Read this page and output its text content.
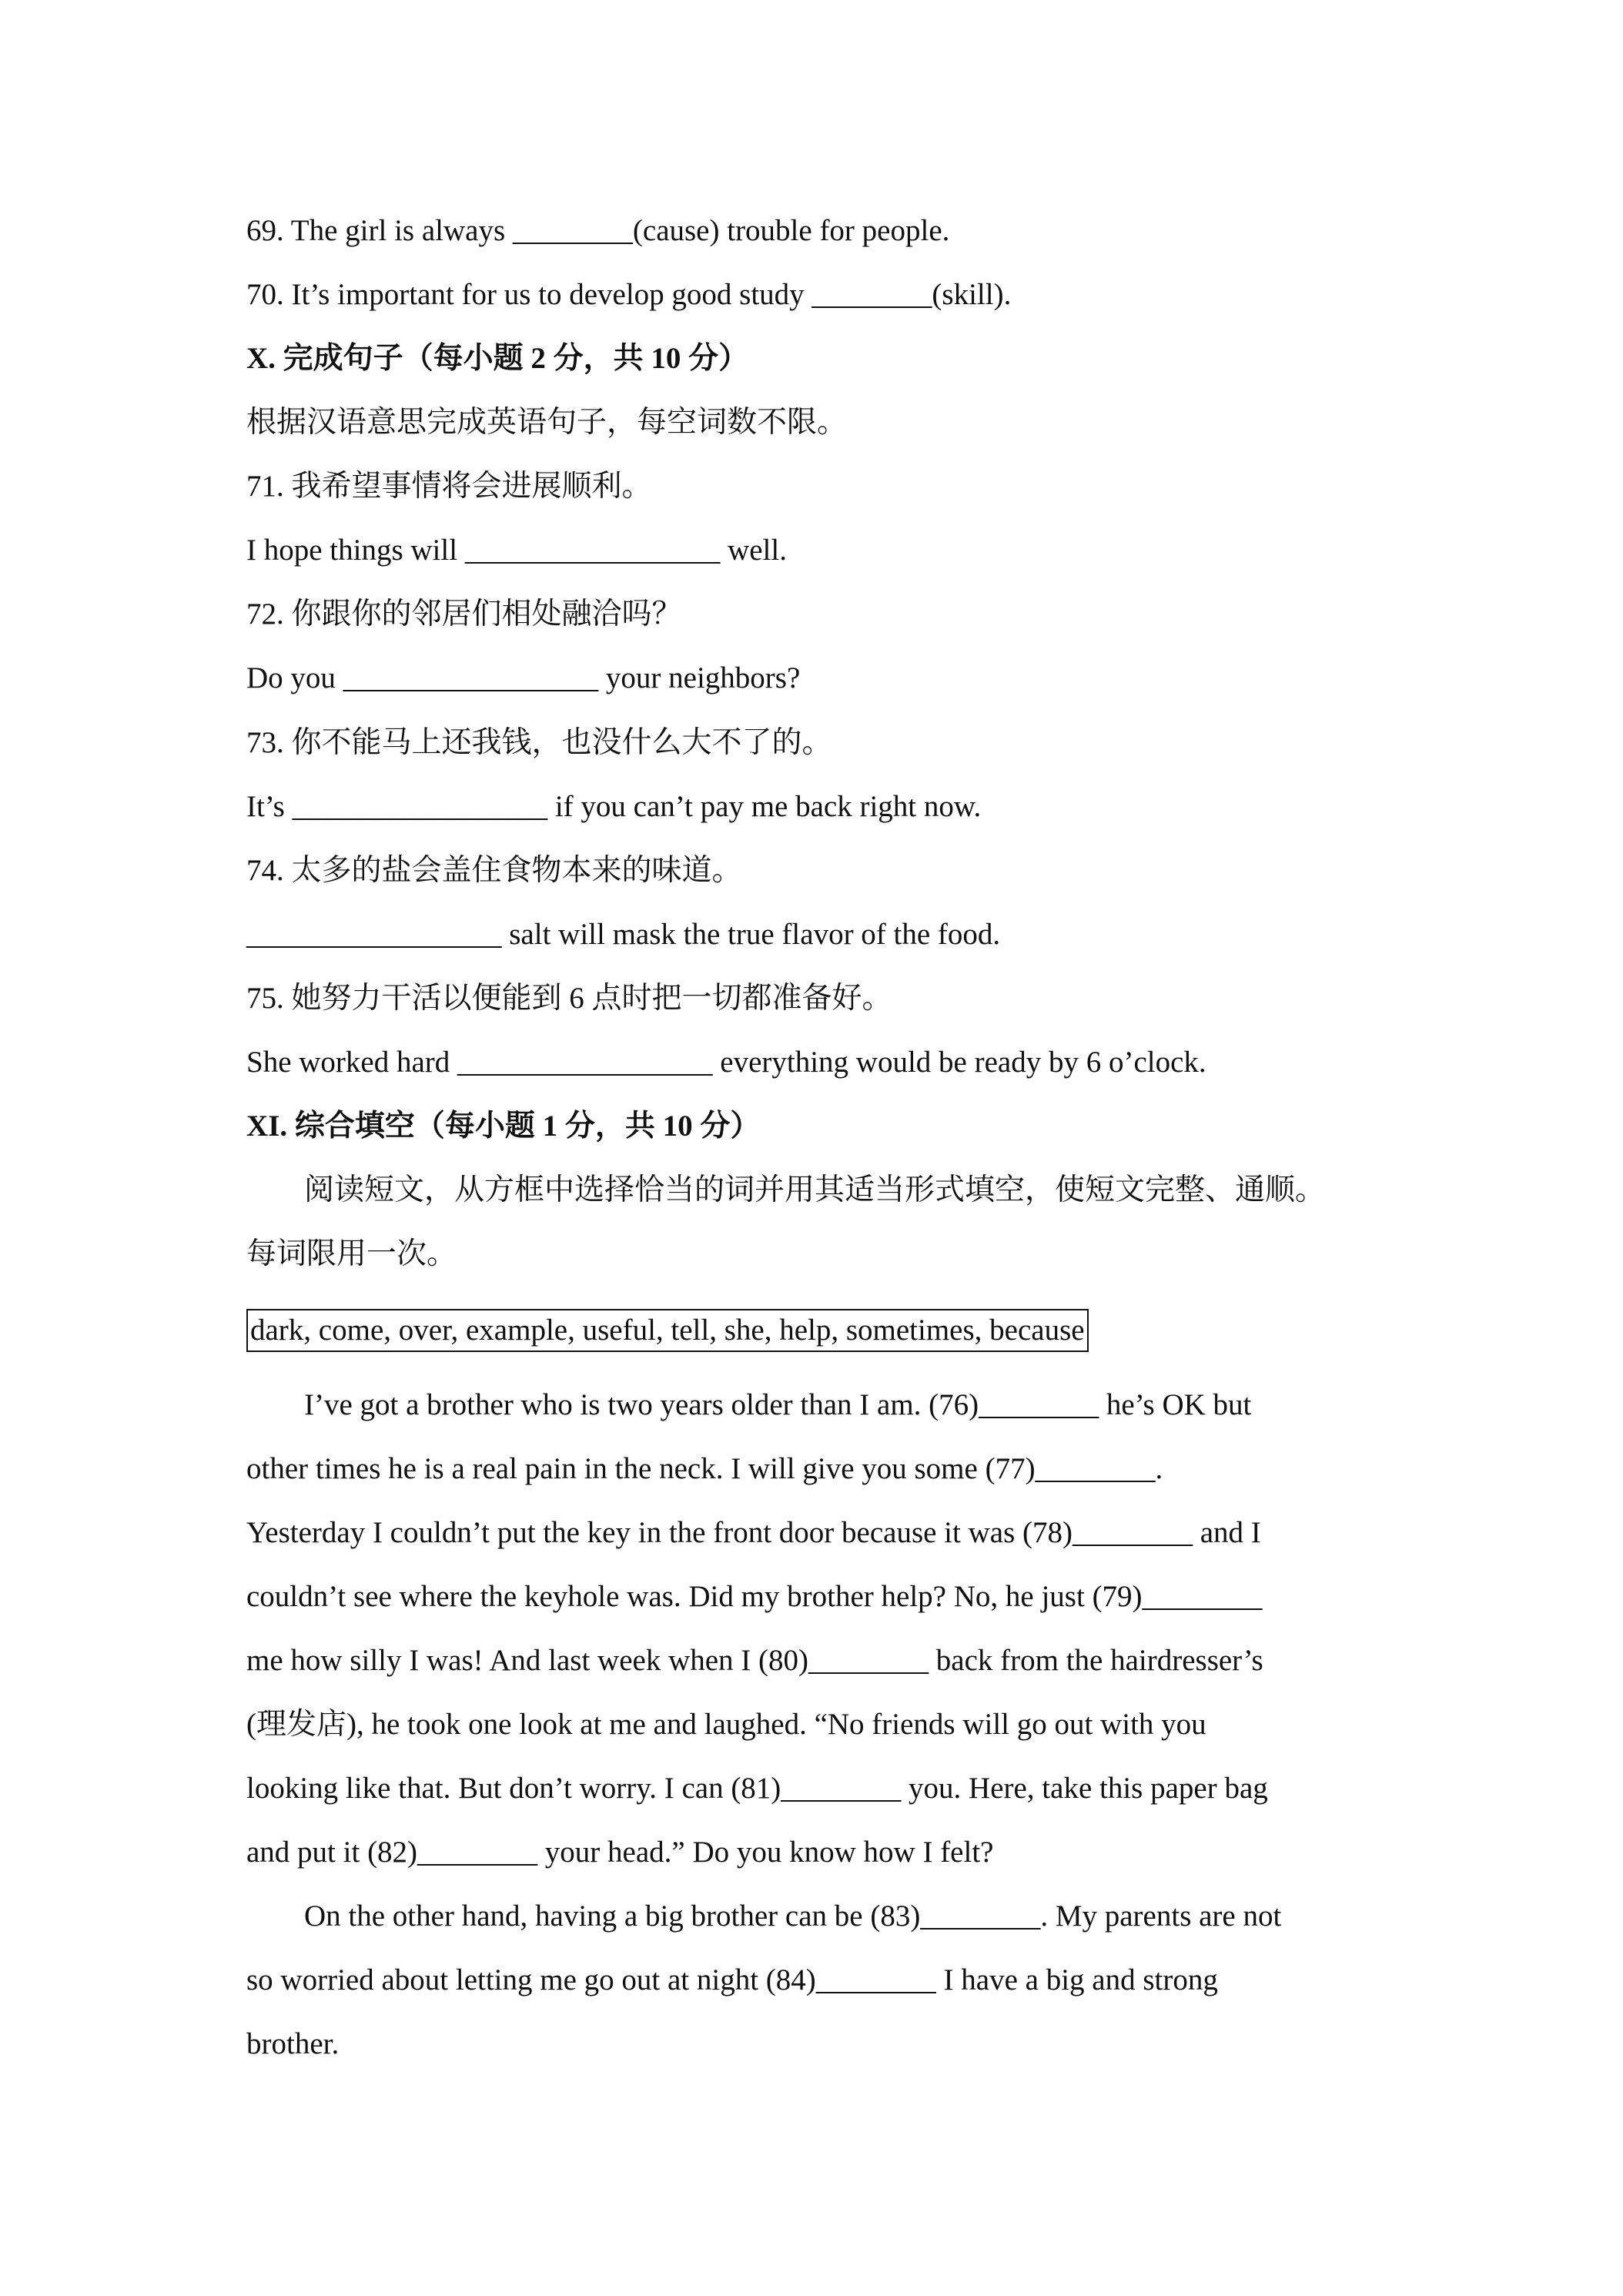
69. The girl is always ________(cause) trouble for people.
70. It’s important for us to develop good study ________(skill).
X. 完成句子（每小题 2 分，共 10 分）
根据汉语意思完成英语句子，每空词数不限。
71. 我希望事情将会进展顺利。
I hope things will _________________ well.
72. 你跟你的邻居们相处融洽吗？
Do you _________________ your neighbors?
73. 你不能马上还我钱，也没什么大不了的。
It’s _________________ if you can’t pay me back right now.
74. 太多的盐会盖住食物本来的味道。
_________________ salt will mask the true flavor of the food.
75. 她努力干活以便能到 6 点时把一切都准备好。
She worked hard _________________ everything would be ready by 6 o’clock.
XI. 综合填空（每小题 1 分，共 10 分）
阅读短文，从方框中选择恰当的词并用其适当形式填空，使短文完整、通顺。
每词限用一次。
dark, come, over, example, useful, tell, she, help, sometimes, because
I’ve got a brother who is two years older than I am. (76)________ he’s OK but
other times he is a real pain in the neck. I will give you some (77)________.
Yesterday I couldn’t put the key in the front door because it was (78)________ and I
couldn’t see where the keyhole was. Did my brother help? No, he just (79)________
me how silly I was! And last week when I (80)________ back from the hairdresser’s
(理发店), he took one look at me and laughed. “No friends will go out with you
looking like that. But don’t worry. I can (81)________ you. Here, take this paper bag
and put it (82)________ your head.” Do you know how I felt?
On the other hand, having a big brother can be (83)________. My parents are not
so worried about letting me go out at night (84)________ I have a big and strong
brother.
